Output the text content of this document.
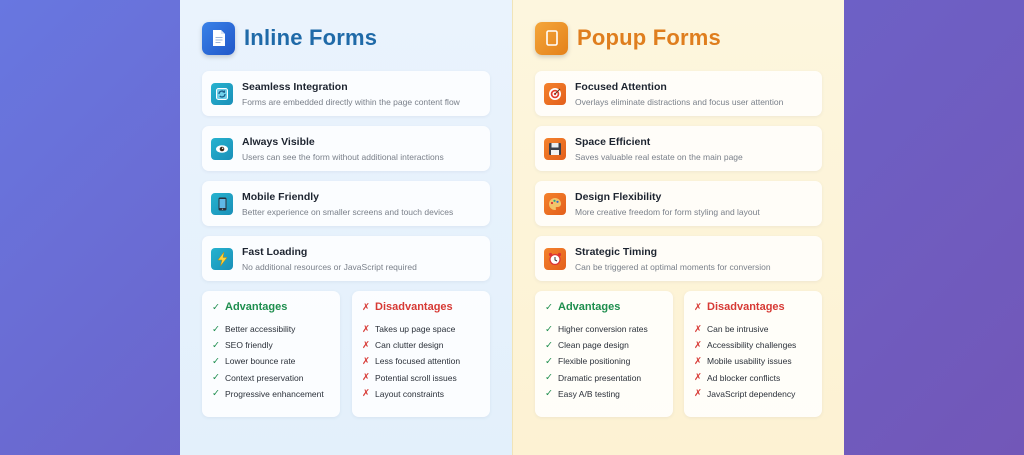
Inline Forms
Seamless Integration
Forms are embedded directly within the page content flow
Always Visible
Users can see the form without additional interactions
Mobile Friendly
Better experience on smaller screens and touch devices
Fast Loading
No additional resources or JavaScript required
✓ Advantages
✓ Better accessibility
✓ SEO friendly
✓ Lower bounce rate
✓ Context preservation
✓ Progressive enhancement
✗ Disadvantages
✗ Takes up page space
✗ Can clutter design
✗ Less focused attention
✗ Potential scroll issues
✗ Layout constraints
Popup Forms
Focused Attention
Overlays eliminate distractions and focus user attention
Space Efficient
Saves valuable real estate on the main page
Design Flexibility
More creative freedom for form styling and layout
Strategic Timing
Can be triggered at optimal moments for conversion
✓ Advantages
✓ Higher conversion rates
✓ Clean page design
✓ Flexible positioning
✓ Dramatic presentation
✓ Easy A/B testing
✗ Disadvantages
✗ Can be intrusive
✗ Accessibility challenges
✗ Mobile usability issues
✗ Ad blocker conflicts
✗ JavaScript dependency
